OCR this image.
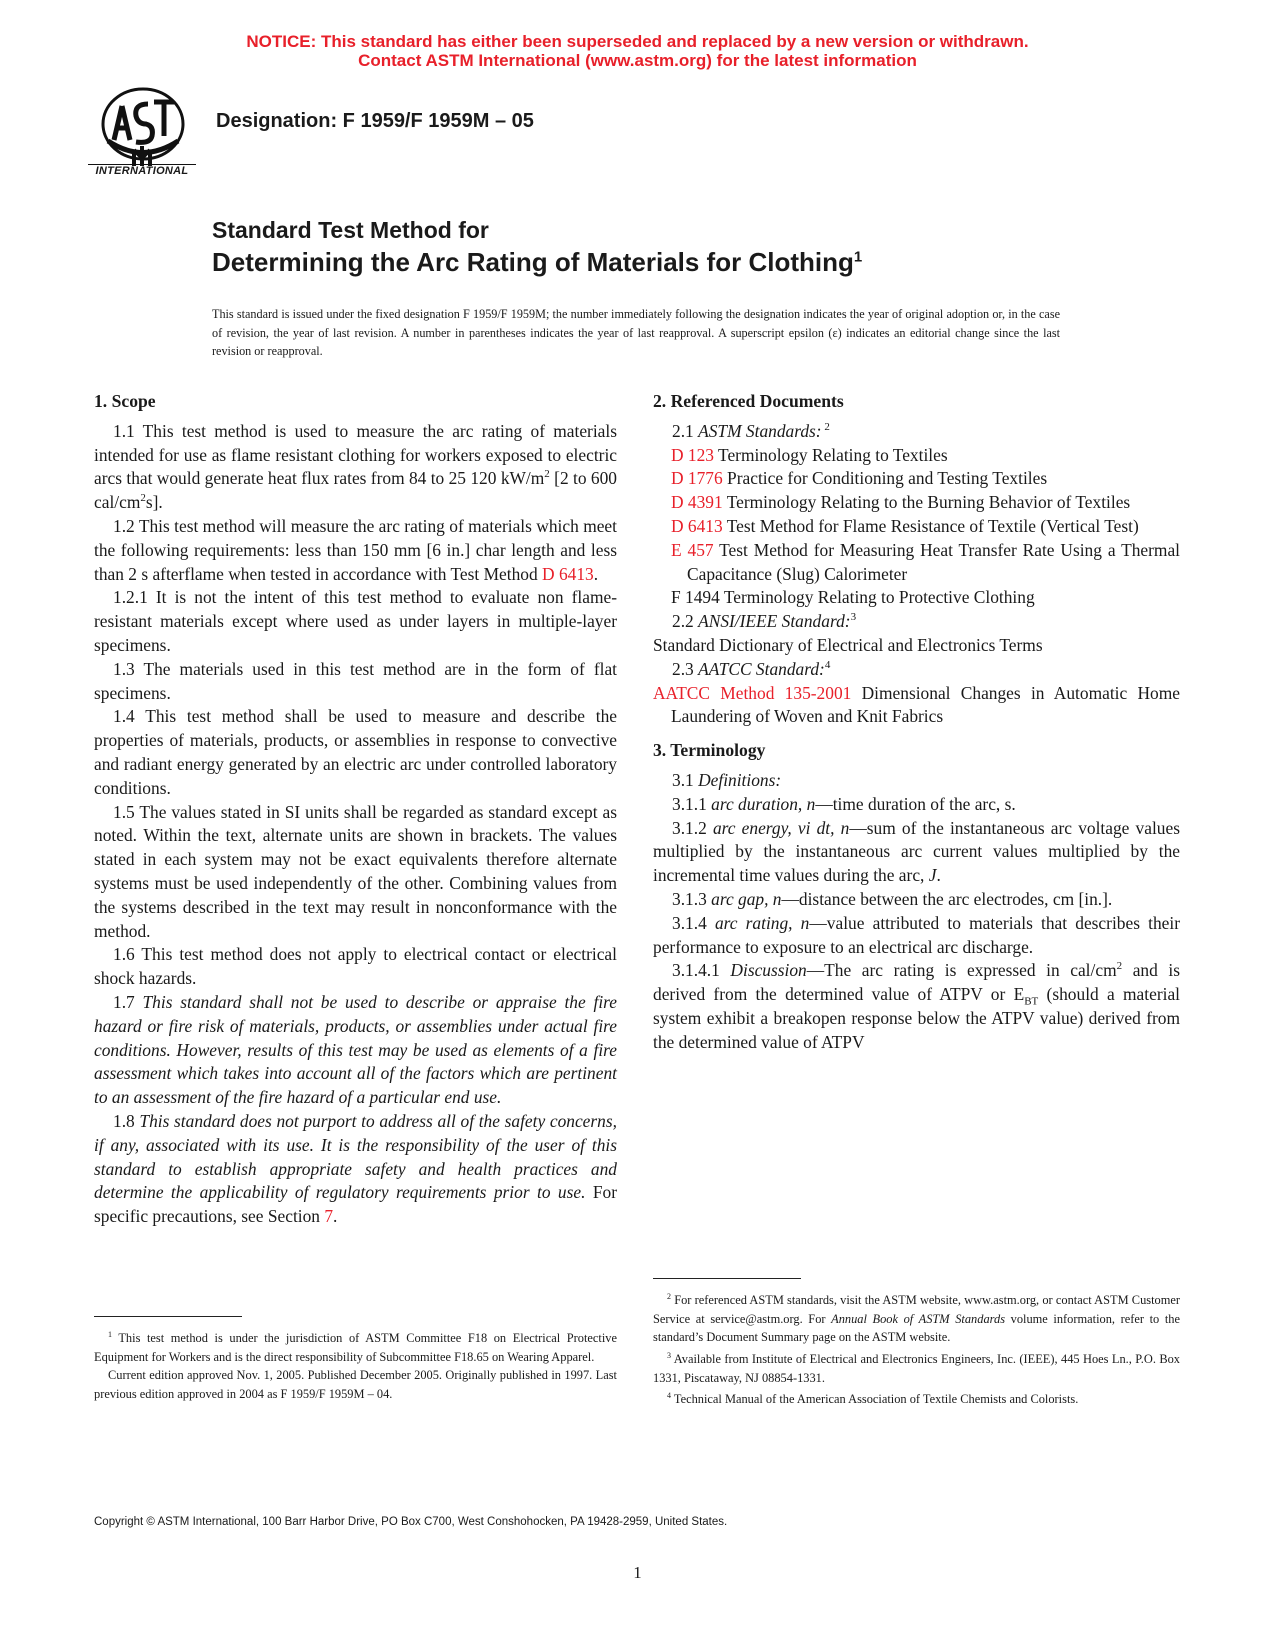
NOTICE: This standard has either been superseded and replaced by a new version or withdrawn.
Contact ASTM International (www.astm.org) for the latest information
INTERNATIONAL
Designation: F 1959/F 1959M – 05
Standard Test Method for
Determining the Arc Rating of Materials for Clothing$^1$
This standard is issued under the fixed designation F 1959/F 1959M; the number immediately following the designation indicates the year of original adoption or, in the case of revision, the year of last revision. A number in parentheses indicates the year of last reapproval. A superscript epsilon (ε) indicates an editorial change since the last revision or reapproval.
1. Scope

1.1 This test method is used to measure the arc rating of materials intended for use as flame resistant clothing for workers exposed to electric arcs that would generate heat flux rates from 84 to 25 120 $kW/m^2$ [2 to 600 cal/$cm^2s$].

1.2 This test method will measure the arc rating of materials which meet the following requirements: less than 150 mm [6 in.] char length and less than 2 s afterflame when tested in accordance with Test Method D 6413.

1.2.1 It is not the intent of this test method to evaluate non flame-resistant materials except where used as under layers in multiple-layer specimens.

1.3 The materials used in this test method are in the form of flat specimens.

1.4 This test method shall be used to measure and describe the properties of materials, products, or assemblies in response to convective and radiant energy generated by an electric arc under controlled laboratory conditions.

1.5 The values stated in SI units shall be regarded as standard except as noted. Within the text, alternate units are shown in brackets. The values stated in each system may not be exact equivalents therefore alternate systems must be used independently of the other. Combining values from the systems described in the text may result in nonconformance with the method.

1.6 This test method does not apply to electrical contact or electrical shock hazards.

1.7 This standard shall not be used to describe or appraise the fire hazard or fire risk of materials, products, or assemblies under actual fire conditions. However, results of this test may be used as elements of a fire assessment which takes into account all of the factors which are pertinent to an assessment of the fire hazard of a particular end use.

1.8 This standard does not purport to address all of the safety concerns, if any, associated with its use. It is the responsibility of the user of this standard to establish appropriate safety and health practices and determine the applicability of regulatory requirements prior to use. For specific precautions, see Section 7.

2. Referenced Documents

2.1 ASTM Standards: $^2$

D 123 Terminology Relating to Textiles
D 1776 Practice for Conditioning and Testing Textiles
D 4391 Terminology Relating to the Burning Behavior of Textiles
D 6413 Test Method for Flame Resistance of Textile (Vertical Test)
E 457 Test Method for Measuring Heat Transfer Rate Using a Thermal Capacitance (Slug) Calorimeter
F 1494 Terminology Relating to Protective Clothing

2.2 ANSI/IEEE Standard:$^3$

Standard Dictionary of Electrical and Electronics Terms

2.3 AATCC Standard:$^4$

AATCC Method 135-2001 Dimensional Changes in Automatic Home Laundering of Woven and Knit Fabrics
3. Terminology

3.1 Definitions:

3.1.1 arc duration, n—time duration of the arc, s.

3.1.2 arc energy, vi dt, n—sum of the instantaneous arc voltage values multiplied by the instantaneous arc current values multiplied by the incremental time values during the arc, J.

3.1.3 arc gap, n—distance between the arc electrodes, cm [in.].

3.1.4 arc rating, n—value attributed to materials that describes their performance to exposure to an electrical arc discharge.

3.1.4.1 Discussion—The arc rating is expressed in cal/$cm^2$ and is derived from the determined value of ATPV or $E_{BT}$ (should a material system exhibit a breakopen response below the ATPV value) derived from the determined value of ATPV

$^1$ This test method is under the jurisdiction of ASTM Committee F18 on Electrical Protective Equipment for Workers and is the direct responsibility of Subcommittee F18.65 on Wearing Apparel.

Current edition approved Nov. 1, 2005. Published December 2005. Originally published in 1997. Last previous edition approved in 2004 as F 1959/F 1959M – 04.

$^2$ For referenced ASTM standards, visit the ASTM website, www.astm.org, or contact ASTM Customer Service at service@astm.org. For Annual Book of ASTM Standards volume information, refer to the standard’s Document Summary page on the ASTM website.

$^3$ Available from Institute of Electrical and Electronics Engineers, Inc. (IEEE), 445 Hoes Ln., P.O. Box 1331, Piscataway, NJ 08854-1331.

$^4$ Technical Manual of the American Association of Textile Chemists and Colorists.

Copyright © ASTM International, 100 Barr Harbor Drive, PO Box C700, West Conshohocken, PA 19428-2959, United States.
1
